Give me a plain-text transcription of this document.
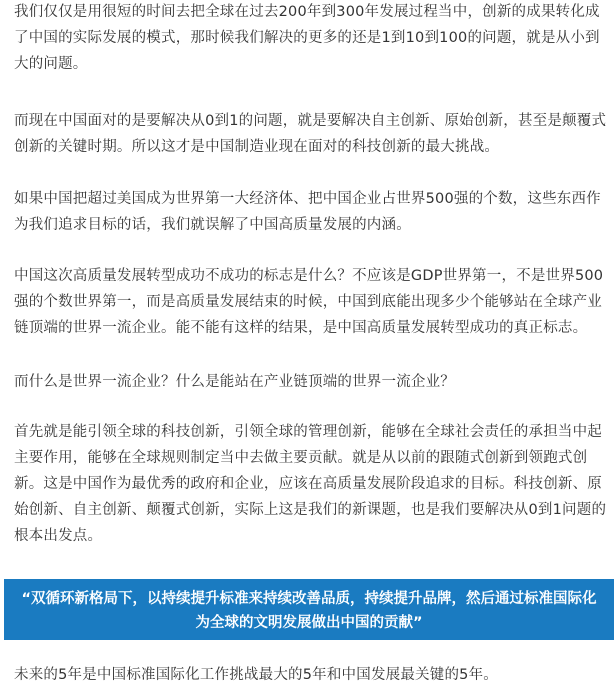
我们仅仅是用很短的时间去把全球在过去200年到300年发展过程当中，创新的成果转化成了中国的实际发展的模式，那时候我们解决的更多的还是1到10到100的问题，就是从小到大的问题。

而现在中国面对的是要解决从0到1的问题，就是要解决自主创新、原始创新，甚至是颠覆式创新的关键时期。所以这才是中国制造业现在面对的科技创新的最大挑战。

如果中国把超过美国成为世界第一大经济体、把中国企业占世界500强的个数，这些东西作为我们追求目标的话，我们就误解了中国高质量发展的内涵。

中国这次高质量发展转型成功不成功的标志是什么？不应该是GDP世界第一，不是世界500强的个数世界第一，而是高质量发展结束的时候，中国到底能出现多少个能够站在全球产业链顶端的世界一流企业。能不能有这样的结果，是中国高质量发展转型成功的真正标志。

而什么是世界一流企业？什么是能站在产业链顶端的世界一流企业？

首先就是能引领全球的科技创新，引领全球的管理创新，能够在全球社会责任的承担当中起主要作用，能够在全球规则制定当中去做主要贡献。就是从以前的跟随式创新到领跑式创新。这是中国作为最优秀的政府和企业，应该在高质量发展阶段追求的目标。科技创新、原始创新、自主创新、颠覆式创新，实际上这是我们的新课题，也是我们要解决从0到1问题的根本出发点。

“双循环新格局下，以持续提升标准来持续改善品质，持续提升品牌，然后通过标准国际化为全球的文明发展做出中国的贡献”

未来的5年是中国标准国际化工作挑战最大的5年和中国发展最关键的5年。
